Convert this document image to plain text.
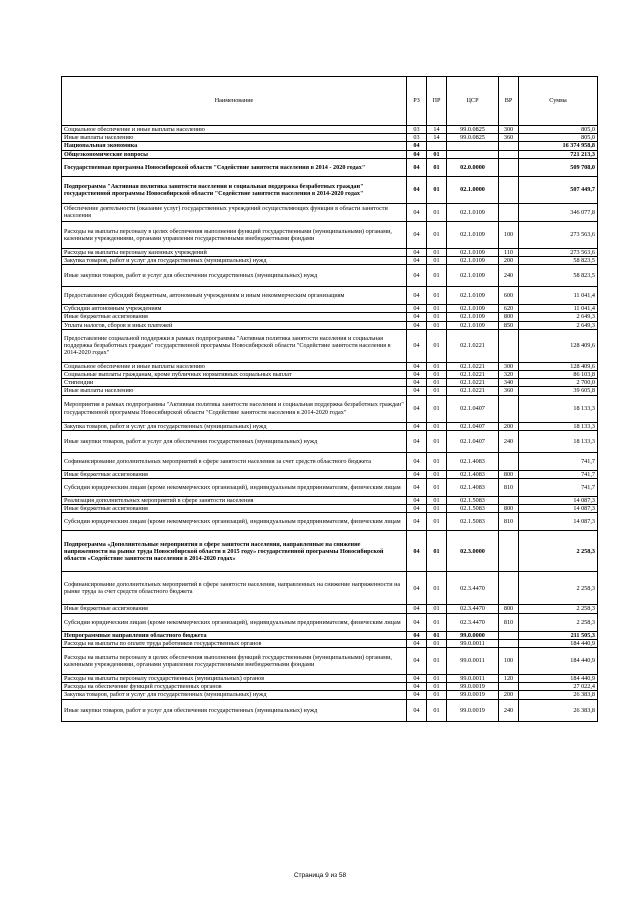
Наименование	РЗ	ПР	ЦСР	ВР	Сумма
Социальное обеспечение и иные выплаты населению	03	14	99.0.0825	300	805,0
Иные выплаты населению	03	14	99.0.0825	360	805,0
Национальная экономика	04				16 374 958,8
Общеэкономические вопросы	04	01			721 213,3
Государственная программа Новосибирской области "Содействие занятости населения в 2014 - 2020 годах"	04	01	02.0.0000		509 708,0
Подпрограмма "Активная политика занятости населения и социальная поддержка безработных граждан" государственной программы Новосибирской области "Содействие занятости населения в 2014-2020 годах"	04	01	02.1.0000		507 449,7
Обеспечение деятельности (оказание услуг) государственных учреждений осуществляющих функции в области занятости населения	04	01	02.1.0109		346 077,8
Расходы на выплаты персоналу в целях обеспечения выполнения функций государственными (муниципальными) органами, казенными учреждениями, органами управления государственными внебюджетными фондами	04	01	02.1.0109	100	273 563,6
Расходы на выплаты персоналу казенных учреждений	04	01	02.1.0109	110	273 563,6
Закупка товаров, работ и услуг для государственных (муниципальных) нужд	04	01	02.1.0109	200	58 823,5
Иные закупки товаров, работ и услуг для обеспечения государственных (муниципальных) нужд	04	01	02.1.0109	240	58 823,5
Предоставление субсидий бюджетным, автономным учреждениям и иным некоммерческим организациям	04	01	02.1.0109	600	11 041,4
Субсидии автономным учреждениям	04	01	02.1.0109	620	11 041,4
Иные бюджетные ассигнования	04	01	02.1.0109	800	2 649,3
Уплата налогов, сборов и иных платежей	04	01	02.1.0109	850	2 649,3
Предоставление социальной поддержки в рамках подпрограммы "Активная политика занятости населения и социальная поддержка безработных граждан" государственной программы Новосибирской области "Содействие занятости населения в 2014-2020 годах"	04	01	02.1.0221		128 409,6
Социальное обеспечение и иные выплаты населению	04	01	02.1.0221	300	128 409,6
Социальные выплаты гражданам, кроме публичных нормативных социальных выплат	04	01	02.1.0221	320	86 103,8
Стипендии	04	01	02.1.0221	340	2 700,0
Иные выплаты населению	04	01	02.1.0221	360	39 605,8
Мероприятия в рамках подпрограммы "Активная политика занятости населения и социальная поддержка безработных граждан" государственной программы Новосибирской области "Содействие занятости населения в 2014-2020 годах"	04	01	02.1.0407		18 133,3
Закупка товаров, работ и услуг для государственных (муниципальных) нужд	04	01	02.1.0407	200	18 133,3
Иные закупки товаров, работ и услуг для обеспечения государственных (муниципальных) нужд	04	01	02.1.0407	240	18 133,3
Софинансирование дополнительных мероприятий в сфере занятости населения за счет средств областного бюджета	04	01	02.1.4083		741,7
Иные бюджетные ассигнования	04	01	02.1.4083	800	741,7
Субсидии юридическим лицам (кроме некоммерческих организаций), индивидуальным предпринимателям, физическим лицам	04	01	02.1.4083	810	741,7
Реализация дополнительных мероприятий в сфере занятости населения	04	01	02.1.5083		14 087,3
Иные бюджетные ассигнования	04	01	02.1.5083	800	14 087,3
Субсидии юридическим лицам (кроме некоммерческих организаций), индивидуальным предпринимателям, физическим лицам	04	01	02.1.5083	810	14 087,3
Подпрограмма «Дополнительные мероприятия в сфере занятости населения, направленные на снижение напряженности на рынке труда Новосибирской области в 2015 году» государственной программы Новосибирской области «Содействие занятости населения в 2014-2020 годах»	04	01	02.3.0000		2 258,3
Софинансирование дополнительных мероприятий в сфере занятости населения, направленных на снижение напряженности на рынке труда за счет средств областного бюджета	04	01	02.3.4470		2 258,3
Иные бюджетные ассигнования	04	01	02.3.4470	800	2 258,3
Субсидии юридическим лицам (кроме некоммерческих организаций), индивидуальным предпринимателям, физическим лицам	04	01	02.3.4470	810	2 258,3
Непрограммные направления областного бюджета	04	01	99.0.0000		211 505,3
Расходы на выплаты по оплате труда работников государственных органов	04	01	99.0.0011		184 440,9
Расходы на выплаты персоналу в целях обеспечения выполнения функций государственными (муниципальными) органами, казенными учреждениями, органами управления государственными внебюджетными фондами	04	01	99.0.0011	100	184 440,9
Расходы на выплаты персоналу государственных (муниципальных) органов	04	01	99.0.0011	120	184 440,9
Расходы на обеспечение функций государственных органов	04	01	99.0.0019		27 022,4
Закупка товаров, работ и услуг для государственных (муниципальных) нужд	04	01	99.0.0019	200	26 383,8
Иные закупки товаров, работ и услуг для обеспечения государственных (муниципальных) нужд	04	01	99.0.0019	240	26 383,8
Страница 9 из 58
